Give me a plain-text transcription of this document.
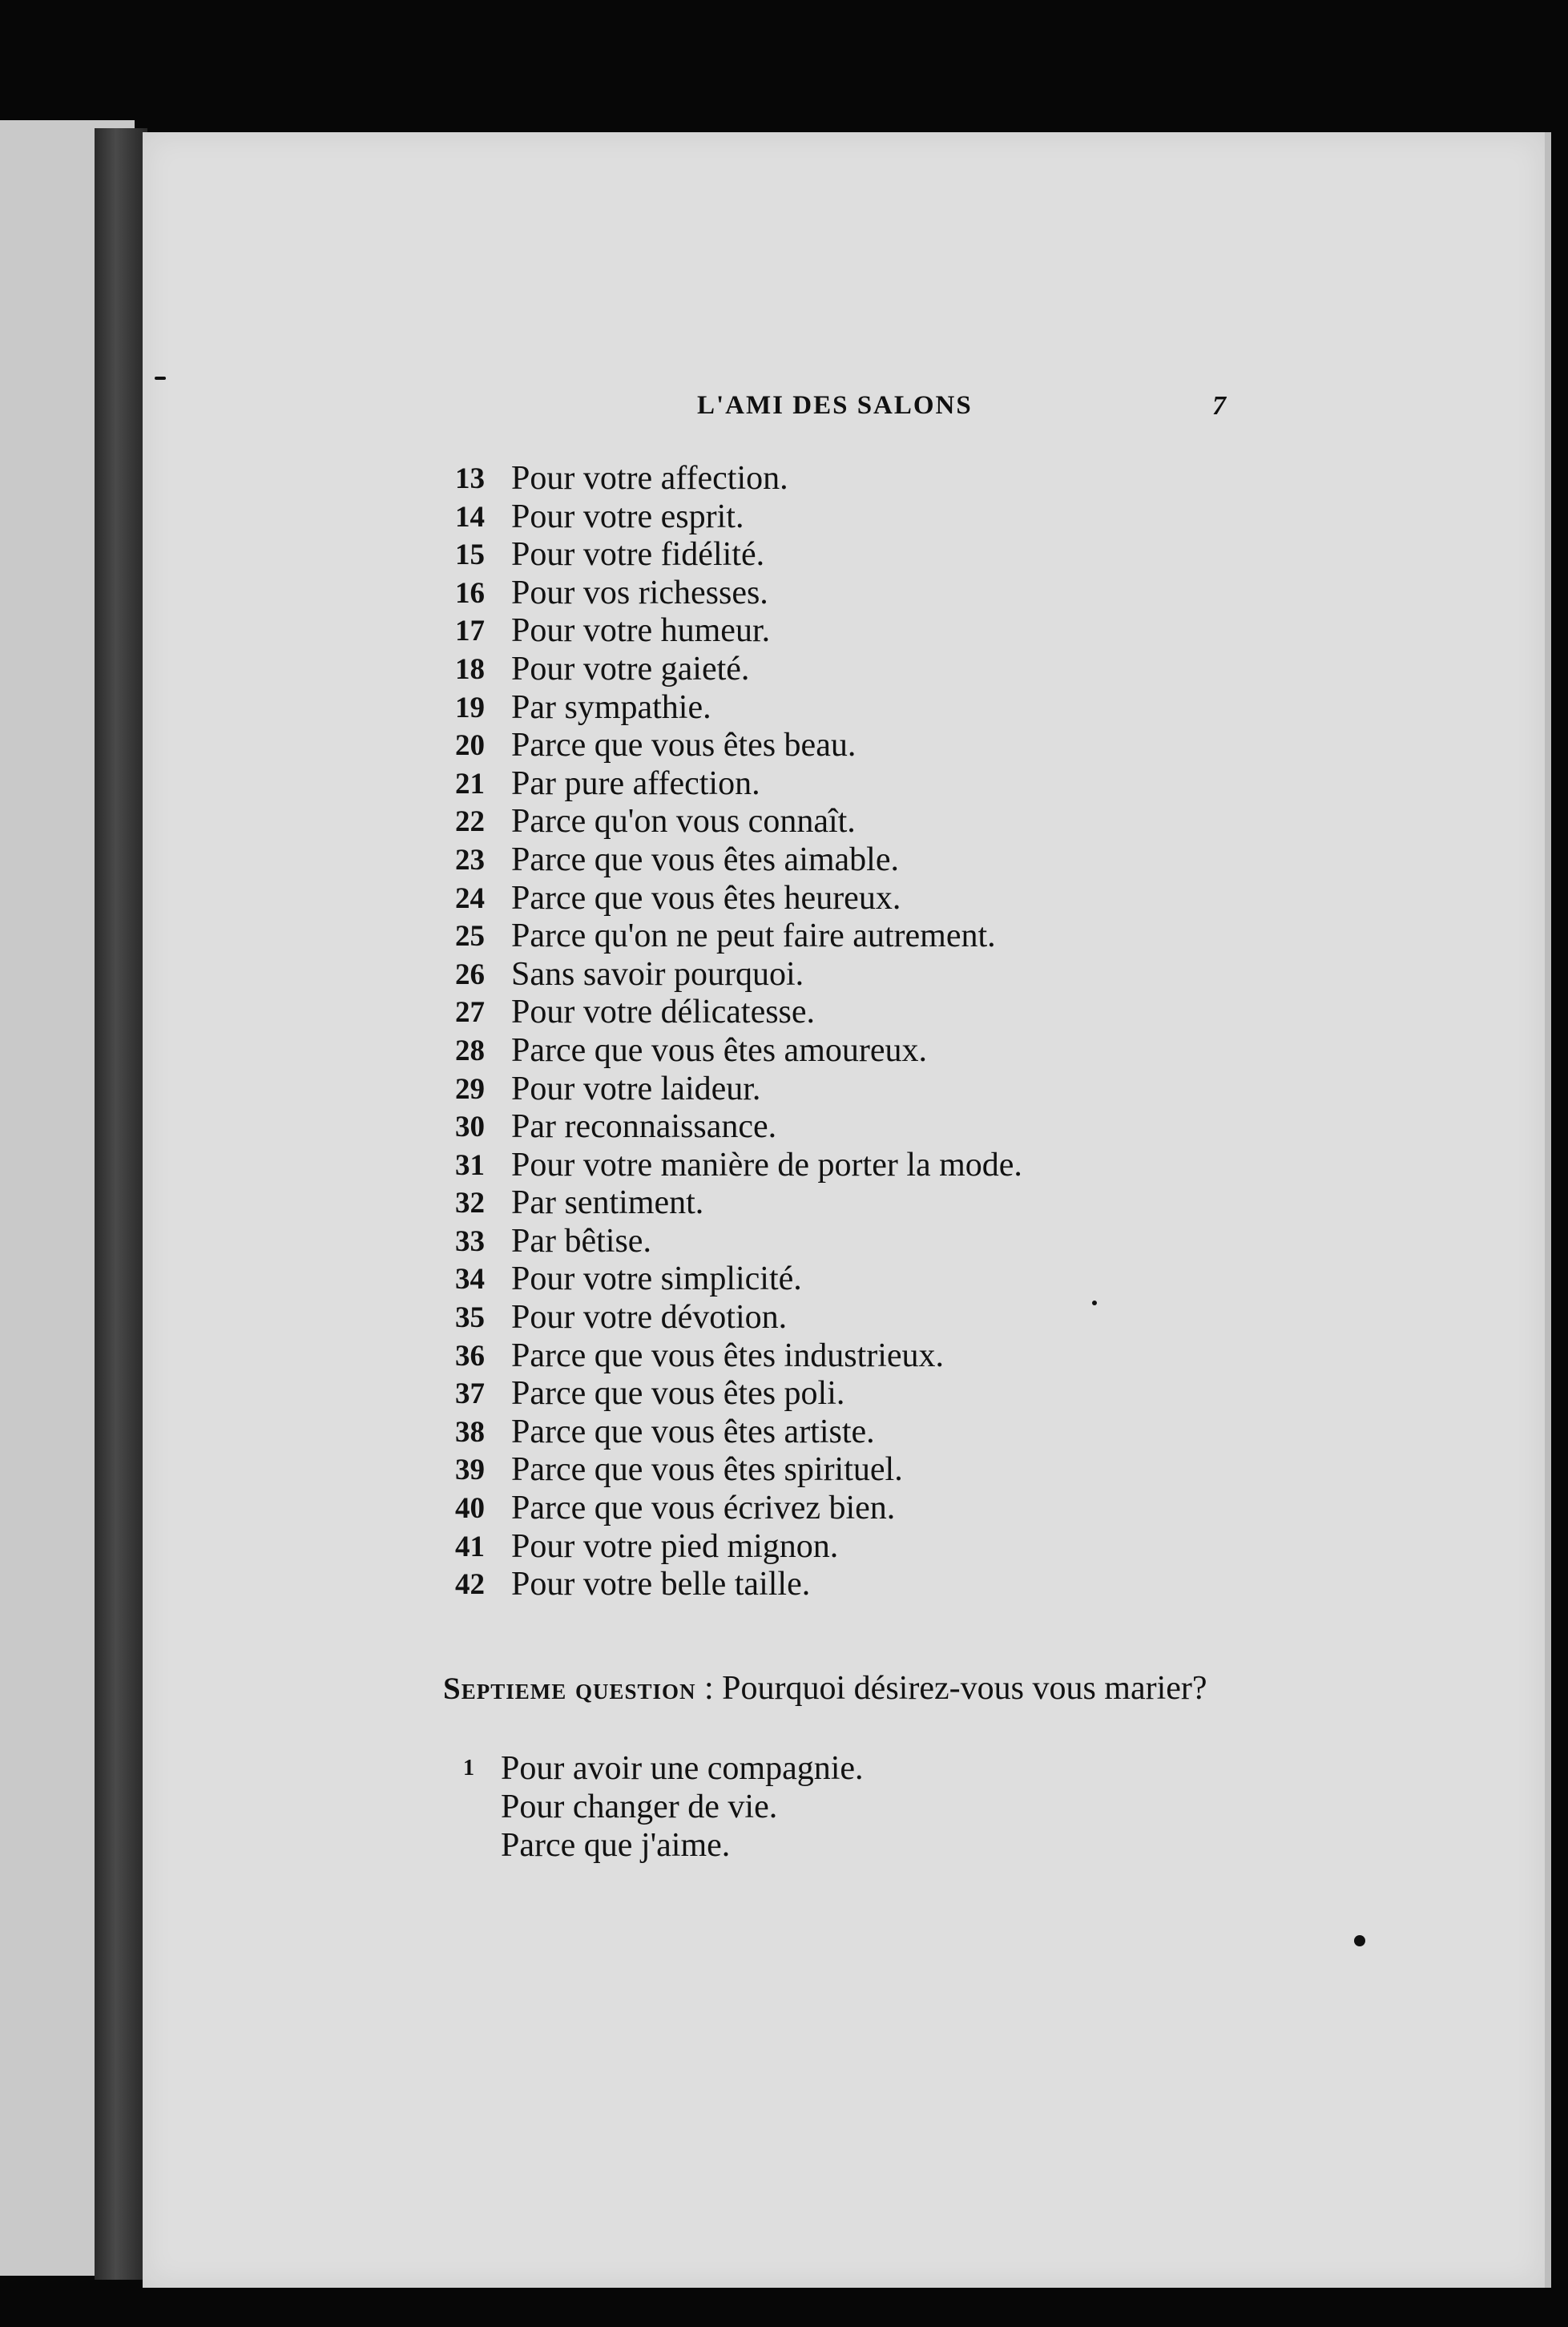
L'AMI DES SALONS	7
13 Pour votre affection.
14 Pour votre esprit.
15 Pour votre fidélité.
16 Pour vos richesses.
17 Pour votre humeur.
18 Pour votre gaieté.
19 Par sympathie.
20 Parce que vous êtes beau.
21 Par pure affection.
22 Parce qu'on vous connaît.
23 Parce que vous êtes aimable.
24 Parce que vous êtes heureux.
25 Parce qu'on ne peut faire autrement.
26 Sans savoir pourquoi.
27 Pour votre délicatesse.
28 Parce que vous êtes amoureux.
29 Pour votre laideur.
30 Par reconnaissance.
31 Pour votre manière de porter la mode.
32 Par sentiment.
33 Par bêtise.
34 Pour votre simplicité.
35 Pour votre dévotion.
36 Parce que vous êtes industrieux.
37 Parce que vous êtes poli.
38 Parce que vous êtes artiste.
39 Parce que vous êtes spirituel.
40 Parce que vous écrivez bien.
41 Pour votre pied mignon.
42 Pour votre belle taille.

Septieme question : Pourquoi désirez-vous vous marier?

1 Pour avoir une compagnie.
Pour changer de vie.
Parce que j'aime.
